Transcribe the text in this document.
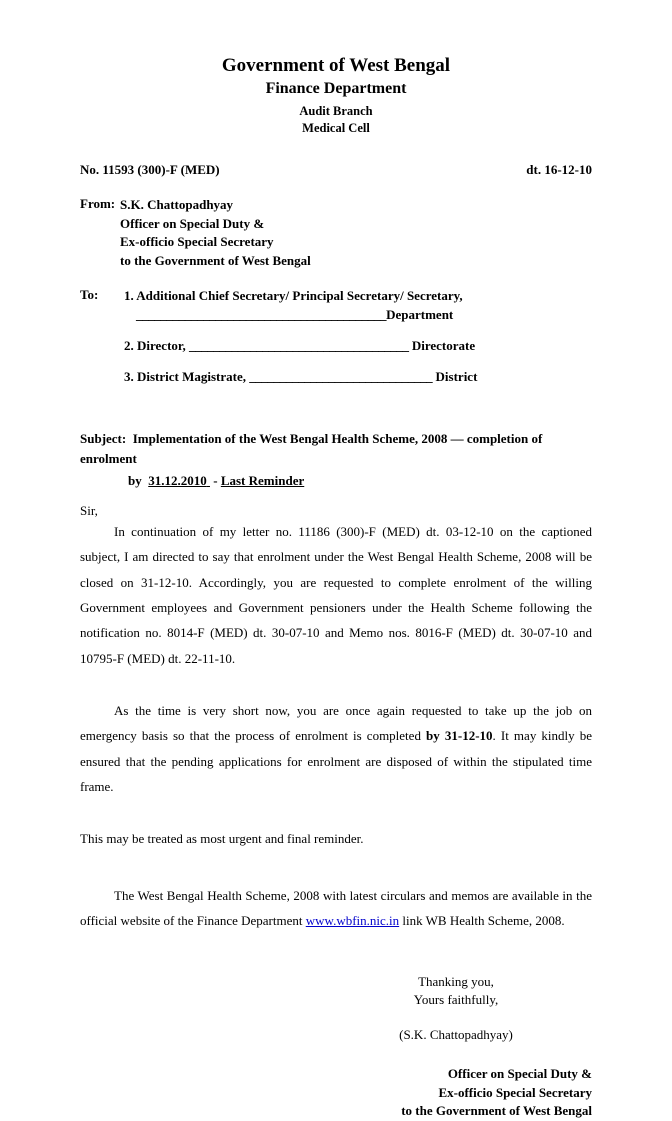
Government of West Bengal
Finance Department
Audit Branch
Medical Cell
No. 11593 (300)-F (MED)	dt. 16-12-10
From: S.K. Chattopadhyay
Officer on Special Duty &
Ex-officio Special Secretary
to the Government of West Bengal
To:	1. Additional Chief Secretary/ Principal Secretary/ Secretary,
_________________________________________Department
2. Director, ____________________________________ Directorate
3. District Magistrate, ______________________________ District
Subject: Implementation of the West Bengal Health Scheme, 2008 — completion of enrolment
by 31.12.2010 - Last Reminder
Sir,

In continuation of my letter no. 11186 (300)-F (MED) dt. 03-12-10 on the captioned subject, I am directed to say that enrolment under the West Bengal Health Scheme, 2008 will be closed on 31-12-10. Accordingly, you are requested to complete enrolment of the willing Government employees and Government pensioners under the Health Scheme following the notification no. 8014-F (MED) dt. 30-07-10 and Memo nos. 8016-F (MED) dt. 30-07-10 and 10795-F (MED) dt. 22-11-10.

As the time is very short now, you are once again requested to take up the job on emergency basis so that the process of enrolment is completed by 31-12-10. It may kindly be ensured that the pending applications for enrolment are disposed of within the stipulated time frame.

This may be treated as most urgent and final reminder.

The West Bengal Health Scheme, 2008 with latest circulars and memos are available in the official website of the Finance Department www.wbfin.nic.in link WB Health Scheme, 2008.

Thanking you,
Yours faithfully,
(S.K. Chattopadhyay)
Officer on Special Duty &
Ex-officio Special Secretary
to the Government of West Bengal
